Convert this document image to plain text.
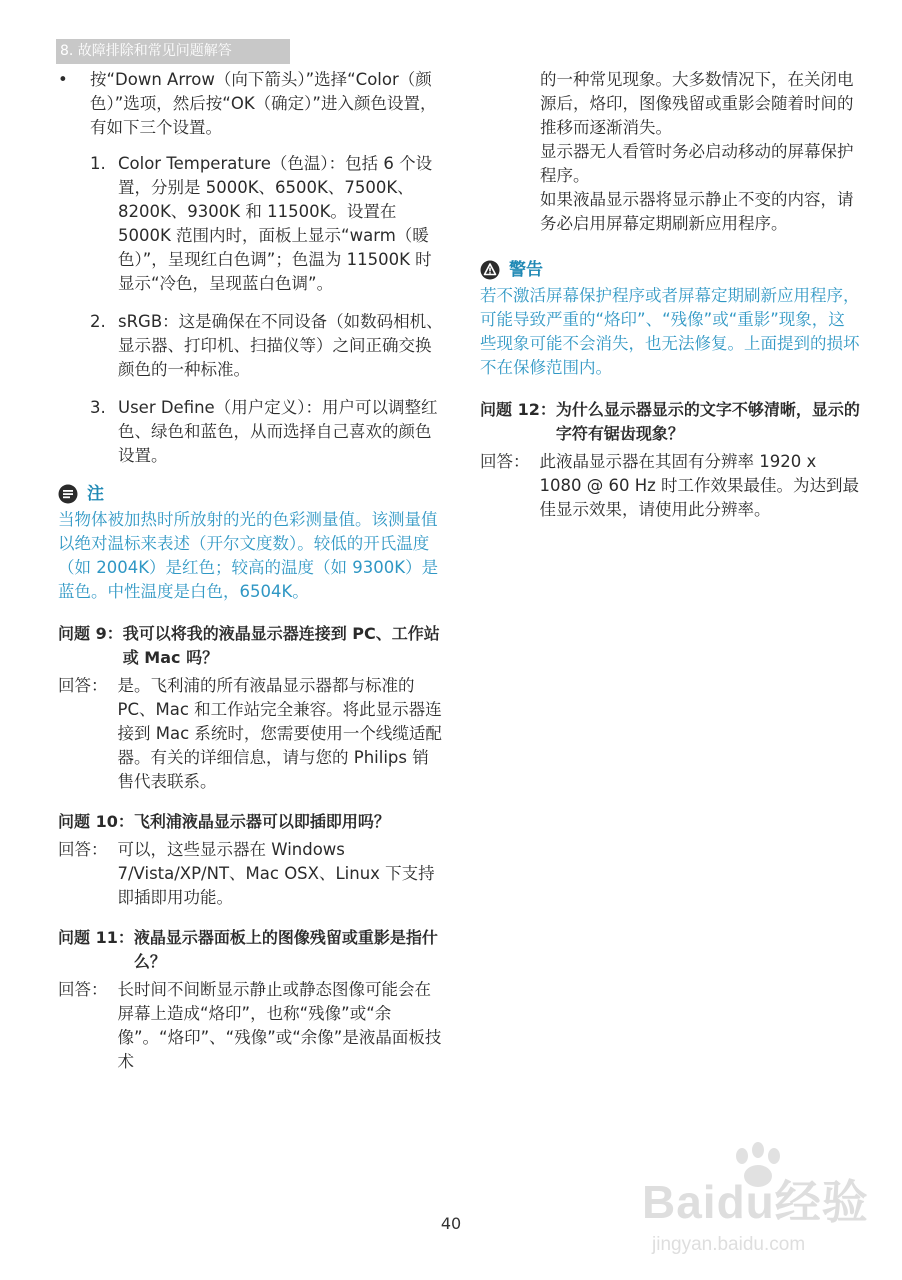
8. 故障排除和常见问题解答
•	按“Down Arrow（向下箭头）”选择“Color（颜色）”选项，然后按“OK（确定）”进入颜色设置，有如下三个设置。

1. Color Temperature（色温）：包括 6 个设置，分别是 5000K、6500K、7500K、8200K、9300K 和 11500K。设置在 5000K 范围内时，面板上显示“warm（暖色）”，呈现红白色调”；色温为 11500K 时显示“冷色，呈现蓝白色调”。
2. sRGB：这是确保在不同设备（如数码相机、显示器、打印机、扫描仪等）之间正确交换颜色的一种标准。
3. User Define（用户定义）：用户可以调整红色、绿色和蓝色，从而选择自己喜欢的颜色设置。
注

当物体被加热时所放射的光的色彩测量值。该测量值以绝对温标来表述（开尔文度数）。较低的开氏温度（如 2004K）是红色；较高的温度（如 9300K）是蓝色。中性温度是白色，6504K。

问题 9： 我可以将我的液晶显示器连接到 PC、工作站或 Mac 吗？

回答： 是。飞利浦的所有液晶显示器都与标准的 PC、Mac 和工作站完全兼容。将此显示器连接到 Mac 系统时，您需要使用一个线缆适配器。有关的详细信息，请与您的 Philips 销售代表联系。

问题 10： 飞利浦液晶显示器可以即插即用吗？

回答： 可以，这些显示器在 Windows 7/Vista/XP/NT、Mac OSX、Linux 下支持即插即用功能。

问题 11： 液晶显示器面板上的图像残留或重影是指什么？

回答： 长时间不间断显示静止或静态图像可能会在屏幕上造成“烙印”，也称“残像”或“余像”。“烙印”、“残像”或“余像”是液晶面板技术

的一种常见现象。大多数情况下，在关闭电源后，烙印，图像残留或重影会随着时间的推移而逐渐消失。

显示器无人看管时务必启动移动的屏幕保护程序。

如果液晶显示器将显示静止不变的内容，请务必启用屏幕定期刷新应用程序。

警告

若不激活屏幕保护程序或者屏幕定期刷新应用程序，可能导致严重的“烙印”、“残像”或“重影”现象，这些现象可能不会消失，也无法修复。上面提到的损坏不在保修范围内。

问题 12： 为什么显示器显示的文字不够清晰，显示的字符有锯齿现象？

回答： 此液晶显示器在其固有分辨率 1920 x 1080 @ 60 Hz 时工作效果最佳。为达到最佳显示效果，请使用此分辨率。

40	Baidu经验
jingyan.baidu.com
